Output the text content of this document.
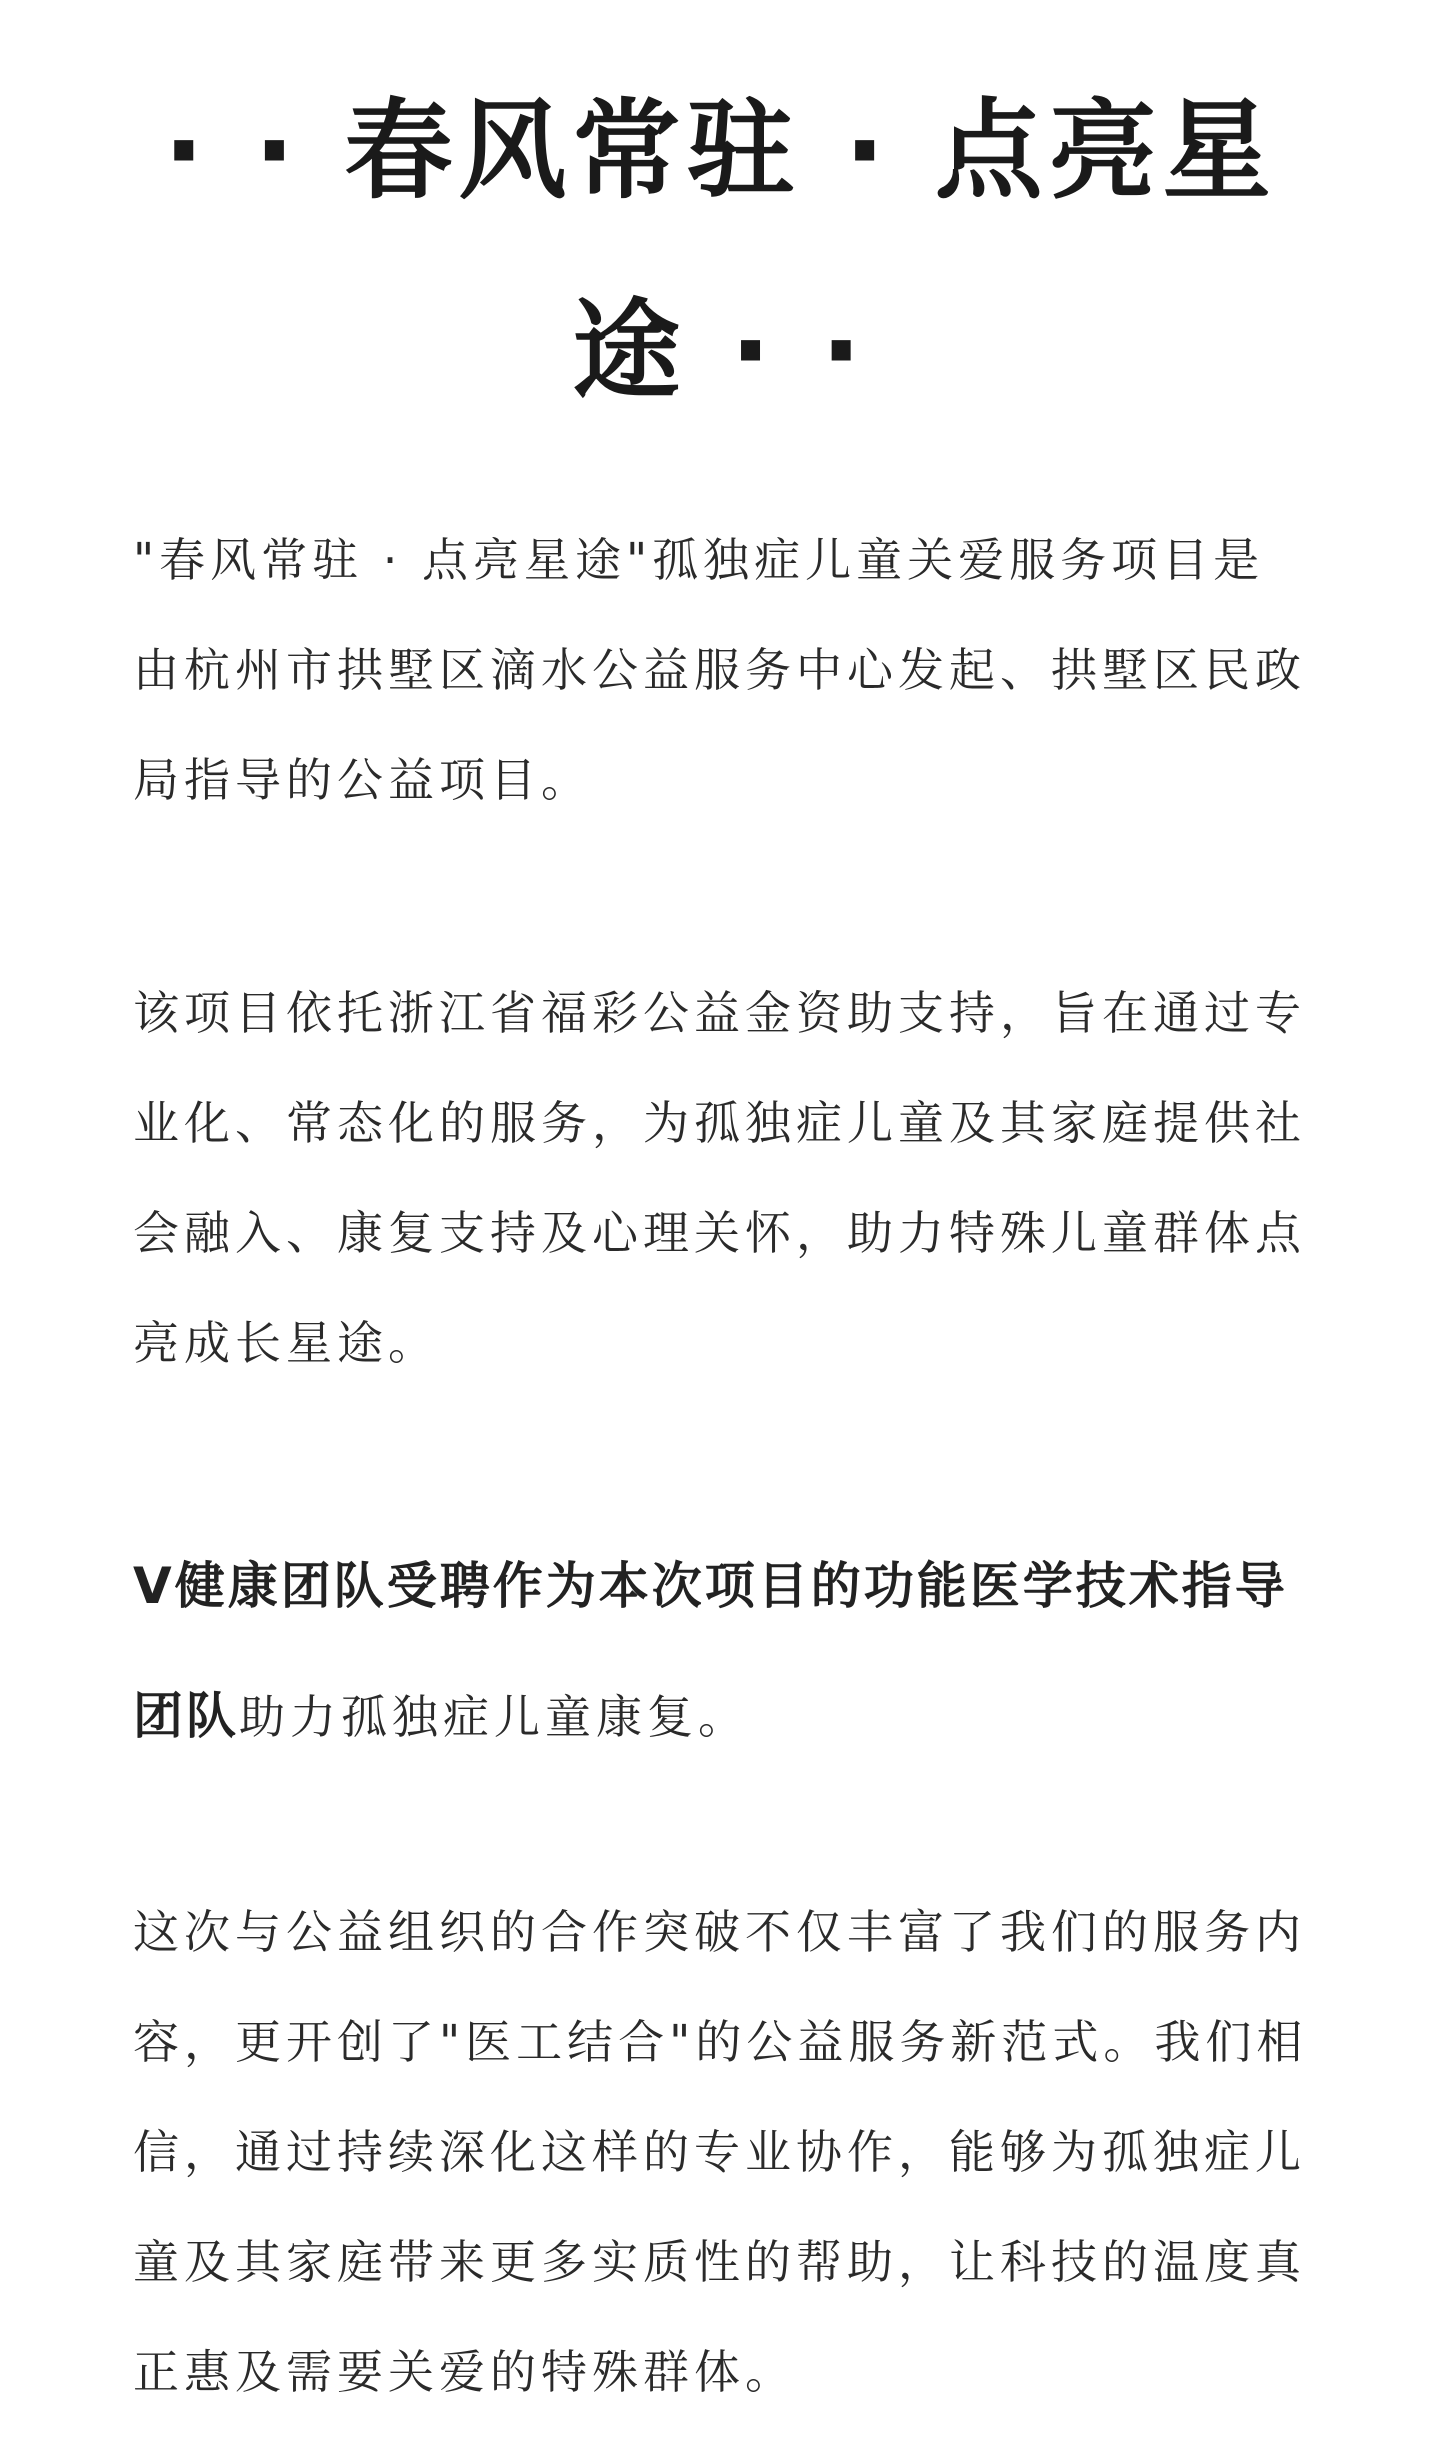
· · 春风常驻 · 点亮星途 · ·

"春风常驻 · 点亮星途"孤独症儿童关爱服务项目是由杭州市拱墅区滴水公益服务中心发起、拱墅区民政局指导的公益项目。

该项目依托浙江省福彩公益金资助支持，旨在通过专业化、常态化的服务，为孤独症儿童及其家庭提供社会融入、康复支持及心理关怀，助力特殊儿童群体点亮成长星途。

V健康团队受聘作为本次项目的功能医学技术指导团队助力孤独症儿童康复。

这次与公益组织的合作突破不仅丰富了我们的服务内容，更开创了"医工结合"的公益服务新范式。我们相信，通过持续深化这样的专业协作，能够为孤独症儿童及其家庭带来更多实质性的帮助，让科技的温度真正惠及需要关爱的特殊群体。
